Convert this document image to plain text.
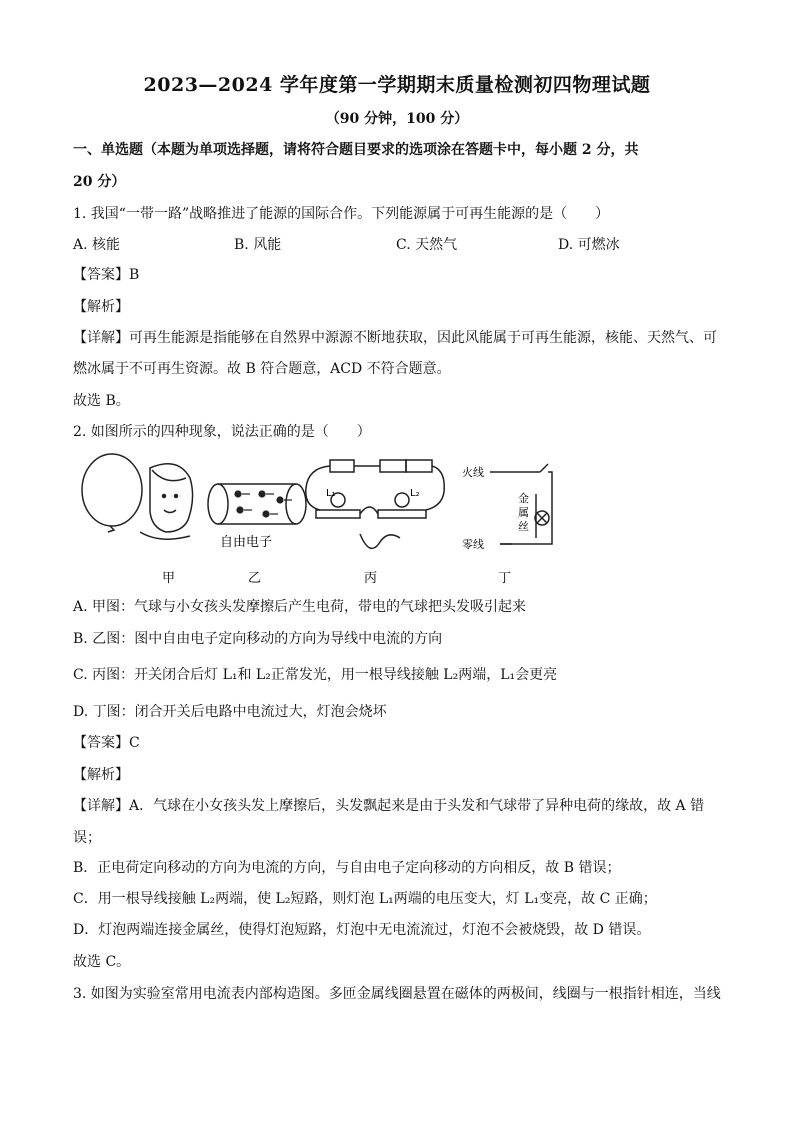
2023—2024 学年度第一学期期末质量检测初四物理试题
（90 分钟，100 分）
一、单选题（本题为单项选择题，请将符合题目要求的选项涂在答题卡中，每小题 2 分，共
20 分）
1. 我国“一带一路”战略推进了能源的国际合作。下列能源属于可再生能源的是（　　）
A. 核能	B. 风能	C. 天然气	D. 可燃冰
【答案】B
【解析】
【详解】可再生能源是指能够在自然界中源源不断地获取，因此风能属于可再生能源，核能、天然气、可
燃冰属于不可再生资源。故 B 符合题意，ACD 不符合题意。
故选 B。
2. 如图所示的四种现象，说法正确的是（　　）
甲	乙
自由电子
丙
L₁	L₂
丁
火线
零线
金
属
丝
A. 甲图：气球与小女孩头发摩擦后产生电荷，带电的气球把头发吸引起来
B. 乙图：图中自由电子定向移动的方向为导线中电流的方向
C. 丙图：开关闭合后灯 L₁和 L₂正常发光，用一根导线接触 L₂两端，L₁会更亮
D. 丁图：闭合开关后电路中电流过大，灯泡会烧坏
【答案】C
【解析】
【详解】A．气球在小女孩头发上摩擦后，头发飘起来是由于头发和气球带了异种电荷的缘故，故 A 错
误；
B．正电荷定向移动的方向为电流的方向，与自由电子定向移动的方向相反，故 B 错误；
C．用一根导线接触 L₂两端，使 L₂短路，则灯泡 L₁两端的电压变大，灯 L₁变亮，故 C 正确；
D．灯泡两端连接金属丝，使得灯泡短路，灯泡中无电流流过，灯泡不会被烧毁，故 D 错误。
故选 C。
3. 如图为实验室常用电流表内部构造图。多匝金属线圈悬置在磁体的两极间，线圈与一根指针相连，当线
